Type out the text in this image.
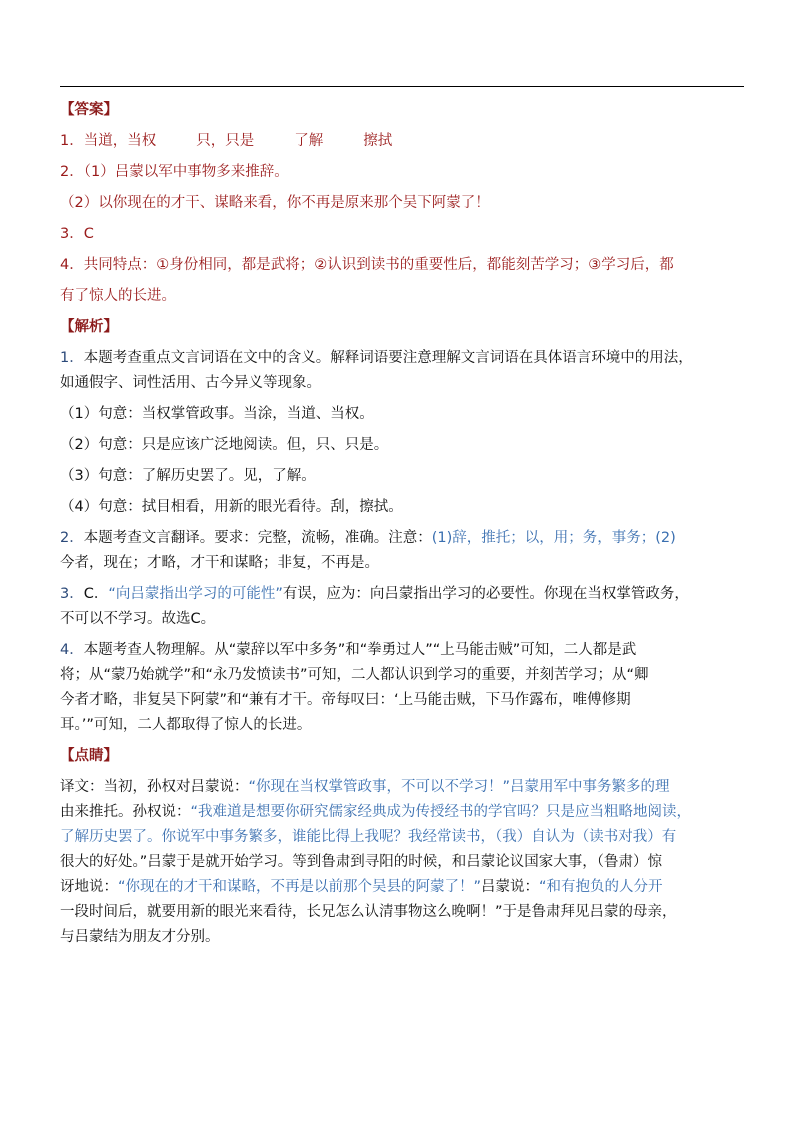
【答案】
1．当道，当权	只，只是	了解	擦拭
2．（1）吕蒙以军中事物多来推辞。
（2）以你现在的才干、谋略来看，你不再是原来那个吴下阿蒙了！
3．C
4．共同特点：①身份相同，都是武将；②认识到读书的重要性后，都能刻苦学习；③学习后，都
有了惊人的长进。
【解析】
1．本题考查重点文言词语在文中的含义。解释词语要注意理解文言词语在具体语言环境中的用法，
如通假字、词性活用、古今异义等现象。
（1）句意：当权掌管政事。当涂，当道、当权。
（2）句意：只是应该广泛地阅读。但，只、只是。
（3）句意：了解历史罢了。见，了解。
（4）句意：拭目相看，用新的眼光看待。刮，擦拭。
2．本题考查文言翻译。要求：完整，流畅，准确。注意：(1)辞，推托；以，用；务，事务；(2)
今者，现在；才略，才干和谋略；非复，不再是。
3．C．“向吕蒙指出学习的可能性”有误，应为：向吕蒙指出学习的必要性。你现在当权掌管政务，
不可以不学习。故选C。
4．本题考查人物理解。从“蒙辞以军中多务”和“拳勇过人”“上马能击贼”可知，二人都是武
将；从“蒙乃始就学”和“永乃发愤读书”可知，二人都认识到学习的重要，并刻苦学习；从“卿
今者才略，非复吴下阿蒙”和“兼有才干。帝每叹曰：‘上马能击贼，下马作露布，唯傅修期
耳。’”可知，二人都取得了惊人的长进。
【点睛】
译文：当初，孙权对吕蒙说：“你现在当权掌管政事，不可以不学习！”吕蒙用军中事务繁多的理
由来推托。孙权说：“我难道是想要你研究儒家经典成为传授经书的学官吗？只是应当粗略地阅读，
了解历史罢了。你说军中事务繁多，谁能比得上我呢？我经常读书，（我）自认为（读书对我）有
很大的好处。”吕蒙于是就开始学习。等到鲁肃到寻阳的时候，和吕蒙论议国家大事，（鲁肃）惊
讶地说：“你现在的才干和谋略，不再是以前那个吴县的阿蒙了！”吕蒙说：“和有抱负的人分开
一段时间后，就要用新的眼光来看待，长兄怎么认清事物这么晚啊！”于是鲁肃拜见吕蒙的母亲，
与吕蒙结为朋友才分别。
